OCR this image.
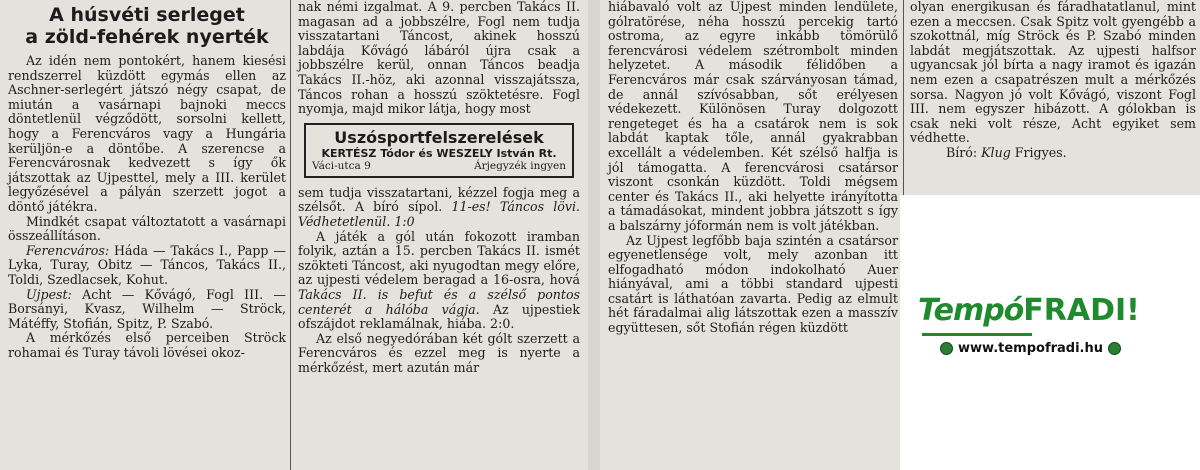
A húsvéti serleget
a zöld-fehérek nyerték

Az idén nem pontokért, hanem kiesési rendszerrel küzdött egymás ellen az Aschner-serlegért játszó négy csapat, de miután a vasárnapi bajnoki meccs döntetlenül végződött, sorsolni kellett, hogy a Ferencváros vagy a Hungária kerüljön-e a döntőbe. A szerencse a Ferencvárosnak kedvezett s így ők játszottak az Ujpesttel, mely a III. kerület legyőzésével a pályán szerzett jogot a döntő játékra.

Mindkét csapat változtatott a vasárnapi összeállításon.

Ferencváros: Háda — Takács I., Papp — Lyka, Turay, Obitz — Táncos, Takács II., Toldi, Szedlacsek, Kohut.

Ujpest: Acht — Kővágó, Fogl III. — Borsányi, Kvasz, Wilhelm — Ströck, Mátéffy, Stofián, Spitz, P. Szabó.

A mérkőzés első perceiben Ströck rohamai és Turay távoli lövései okoz-

nak némi izgalmat. A 9. percben Takács II. magasan ad a jobbszélre, Fogl nem tudja visszatartani Táncost, akinek hosszú labdája Kővágó lábáról újra csak a jobbszélre kerül, onnan Táncos beadja Takács II.-höz, aki azonnal visszajátssza, Táncos rohan a hosszú szöktetésre. Fogl nyomja, majd mikor látja, hogy most

Uszósportfelszerelések
KERTÉSZ Tódor és WESZELY István Rt.
Váci-utca 9	Árjegyzék ingyen

sem tudja visszatartani, kézzel fogja meg a szélsőt. A bíró sípol. 11-es! Táncos lövi. Védhetetlenül. 1:0

A játék a gól után fokozott iramban folyik, aztán a 15. percben Takács II. ismét szökteti Táncost, aki nyugodtan megy előre, az ujpesti védelem beragad a 16-osra, hová Takács II. is befut és a szélső pontos centerét a hálóba vágja. Az ujpestiek ofszájdot reklamálnak, hiába. 2:0.

Az első negyedórában két gólt szerzett a Ferencváros és ezzel meg is nyerte a mérkőzést, mert azután már

hiábavaló volt az Ujpest minden lendülete, gólratörése, néha hosszú percekig tartó ostroma, az egyre inkább tömörülő ferencvárosi védelem szétrombolt minden helyzetet. A második félidőben a Ferencváros már csak szárványosan támad, de annál szívósabban, sőt erélyesen védekezett. Különösen Turay dolgozott rengeteget és ha a csatárok nem is sok labdát kaptak tőle, annál gyakrabban excellált a védelemben. Két szélső halfja is jól támogatta. A ferencvárosi csatársor viszont csonkán küzdött. Toldi mégsem center és Takács II., aki helyette irányította a támadásokat, mindent jobbra játszott s így a balszárny jóformán nem is volt játékban.

Az Ujpest legfőbb baja szintén a csatársor egyenetlensége volt, mely azonban itt elfogadható módon indokolható Auer hiányával, ami a többi standard ujpesti csatárt is láthatóan zavarta. Pedig az elmult hét fáradalmai alig látszottak ezen a masszív együttesen, sőt Stofián régen küzdött

olyan energikusan és fáradhatatlanul, mint ezen a meccsen. Csak Spitz volt gyengébb a szokottnál, míg Ströck és P. Szabó minden labdát megjátszottak. Az ujpesti halfsor ugyancsak jól bírta a nagy iramot és igazán nem ezen a csapatrészen mult a mérkőzés sorsa. Nagyon jó volt Kővágó, viszont Fogl III. nem egyszer hibázott. A gólokban is csak neki volt része, Acht egyiket sem védhette.

Bíró: Klug Frigyes.

TempóFRADI!
www.tempofradi.hu
